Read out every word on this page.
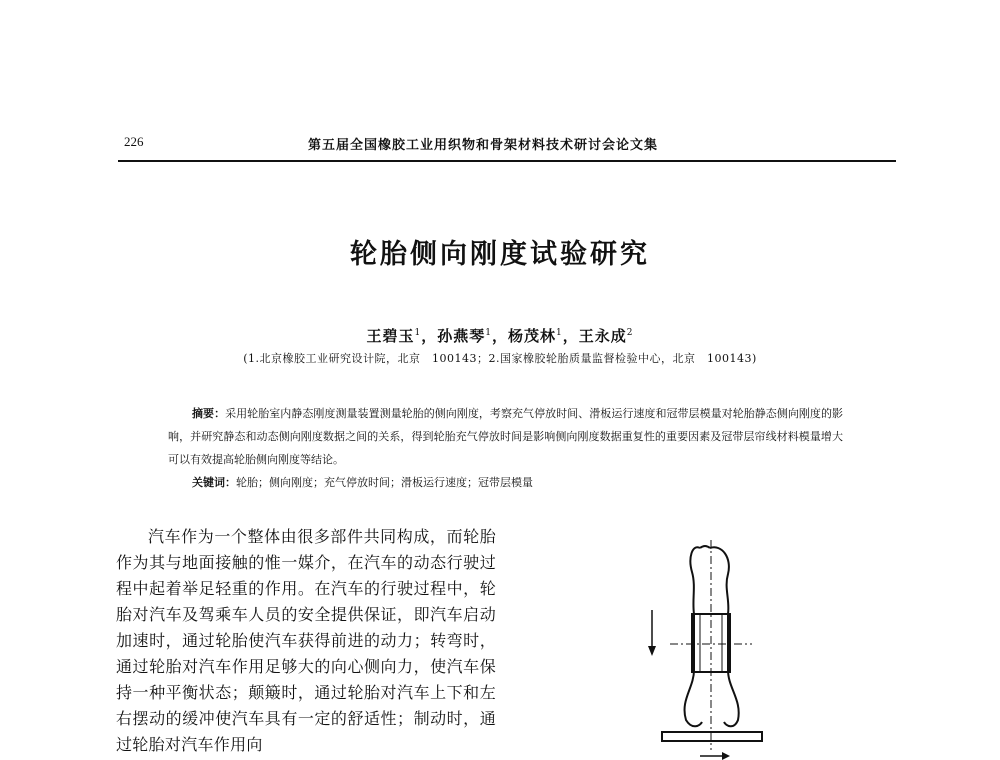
226	第五届全国橡胶工业用织物和骨架材料技术研讨会论文集
轮胎侧向刚度试验研究
王碧玉$^1$，孙燕琴$^1$，杨茂林$^1$，王永成$^2$
(1.北京橡胶工业研究设计院，北京　100143；2.国家橡胶轮胎质量监督检验中心，北京　100143)
摘要：采用轮胎室内静态刚度测量装置测量轮胎的侧向刚度，考察充气停放时间、滑板运行速度和冠带层模量对轮胎静态侧向刚度的影响，并研究静态和动态侧向刚度数据之间的关系，得到轮胎充气停放时间是影响侧向刚度数据重复性的重要因素及冠带层帘线材料模量增大可以有效提高轮胎侧向刚度等结论。
关键词：轮胎；侧向刚度；充气停放时间；滑板运行速度；冠带层模量

汽车作为一个整体由很多部件共同构成，而轮胎作为其与地面接触的惟一媒介，在汽车的动态行驶过程中起着举足轻重的作用。在汽车的行驶过程中，轮胎对汽车及驾乘车人员的安全提供保证，即汽车启动加速时，通过轮胎使汽车获得前进的动力；转弯时，通过轮胎对汽车作用足够大的向心侧向力，使汽车保持一种平衡状态；颠簸时，通过轮胎对汽车上下和左右摆动的缓冲使汽车具有一定的舒适性；制动时，通过轮胎对汽车作用向
